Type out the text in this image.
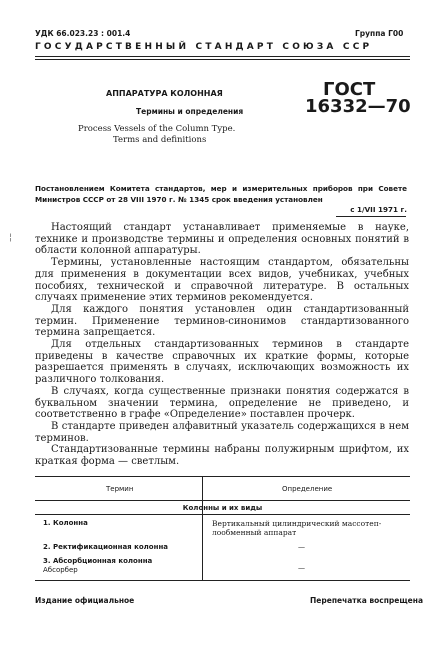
УДК 66.023.23 : 001.4	Группа Г00
ГОСУДАРСТВЕННЫЙ СТАНДАРТ СОЮЗА ССР
АППАРАТУРА КОЛОННАЯ
Термины и определения
Process Vessels of the Column Type.
Terms and definitions
ГОСТ
16332—70
Постановлением Комитета стандартов, мер и измерительных приборов при Совете Министров СССР от 28 VIII 1970 г. № 1345 срок введения установлен
с 1/VII 1971 г.
¦

Настоящий стандарт устанавливает применяемые в науке, технике и производстве термины и определения основных понятий в области колонной аппаратуры.

Термины, установленные настоящим стандартом, обязательны для применения в документации всех видов, учебниках, учебных пособиях, технической и справочной литературе. В остальных случаях применение этих терминов рекомендуется.

Для каждого понятия установлен один стандартизованный термин. Применение терминов-синонимов стандартизованного термина запрещается.

Для отдельных стандартизованных терминов в стандарте приведены в качестве справочных их краткие формы, которые разрешается применять в случаях, исключающих возможность их различного толкования.

В случаях, когда существенные признаки понятия содержатся в буквальном значении термина, определение не приведено, и соответственно в графе «Определение» поставлен прочерк.

В стандарте приведен алфавитный указатель содержащихся в нем терминов.

Стандартизованные термины набраны полужирным шрифтом, их краткая форма — светлым.

Термин	Определение
Колонны и их виды
1. Колонна	Вертикальный цилиндрический массотеп-
лообменный аппарат
2. Ректификационная колонна	—
3. Абсорбционная колонна
Абсорбер	—
Издание официальное	Перепечатка воспрещена
